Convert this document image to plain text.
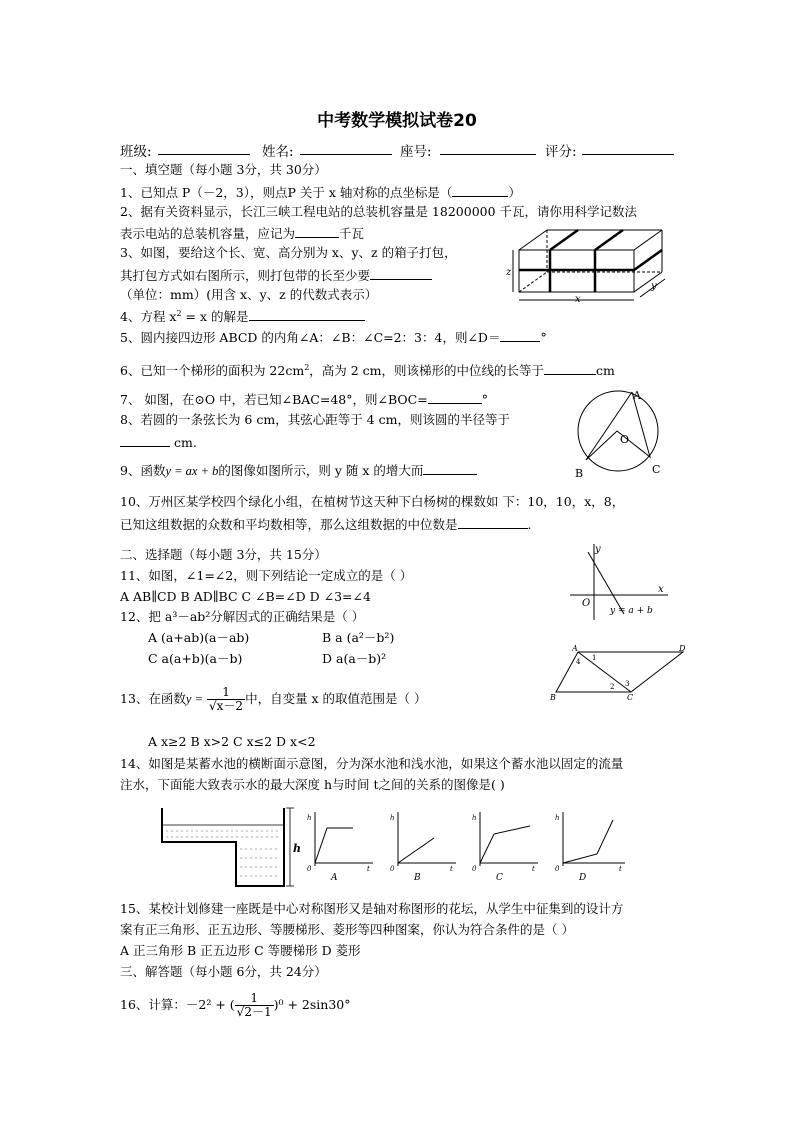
中考数学模拟试卷20
班级:	姓名:	座号:	评分:
一、填空题（每小题 3分，共 30分）
1、已知点 P（－2，3），则点P 关于 x 轴对称的点坐标是（	）
2、据有关资料显示，长江三峡工程电站的总装机容量是 18200000 千瓦，请你用科学记数法
表示电站的总装机容量，应记为	千瓦
3、如图，要给这个长、宽、高分别为 x、y、z 的箱子打包，
其打包方式如右图所示，则打包带的长至少要
（单位：mm）(用含 x、y、z 的代数式表示）
4、方程 $x^2 = x$ 的解是
5、圆内接四边形 ABCD 的内角∠A：∠B：∠C=2：3：4，则∠D＝	°
6、已知一个梯形的面积为 $22cm^2$，高为 2 cm，则该梯形的中位线的长等于	cm
7、 如图，在⊙O 中，若已知∠BAC=48°，则∠BOC=	°
8、若圆的一条弦长为 6 cm，其弦心距等于 4 cm，则该圆的半径等于
cm.
9、函数y = ax + b的图像如图所示，则 y 随 x 的增大而
10、万州区某学校四个绿化小组，在植树节这天种下白杨树的棵数如 下：10，10，x，8，
已知这组数据的众数和平均数相等，那么这组数据的中位数是	.
二、选择题（每小题 3分，共 15分）
11、如图，∠1=∠2，则下列结论一定成立的是（ ）
A AB∥CD B AD∥BC C ∠B=∠D D ∠3=∠4
12、把 a³－ab²分解因式的正确结果是（ ）
A (a+ab)(a－ab)	B a (a²－b²)
C a(a+b)(a－b)	D a(a－b)²
13、在函数$y = \frac{1}{√x-2}$ 中，自变量 x 的取值范围是（ ）
A x≥2 B x>2 C x≤2 D x<2
14、如图是某蓄水池的横断面示意图，分为深水池和浅水池，如果这个蓄水池以固定的流量
注水，下面能大致表示水的最大深度 h与时间 t之间的关系的图像是( )
15、某校计划修建一座既是中心对称图形又是轴对称图形的花坛，从学生中征集到的设计方
案有正三角形、正五边形、等腰梯形、菱形等四种图案，你认为符合条件的是（ ）
A 正三角形 B 正五边形 C 等腰梯形 D 菱形
三、解答题（每小题 6分，共 24分）
16、计算：－2² + ( $\frac{1}{√2-1} )^0 + 2\sin 30^\circ$
z
x
y
A
B	C
O
y
x
O
y = a + b
A	D
B	C
1
4
2 3
h
h
t
0
A
h
t
0
B
h
t
0
C
h
t
0
D
